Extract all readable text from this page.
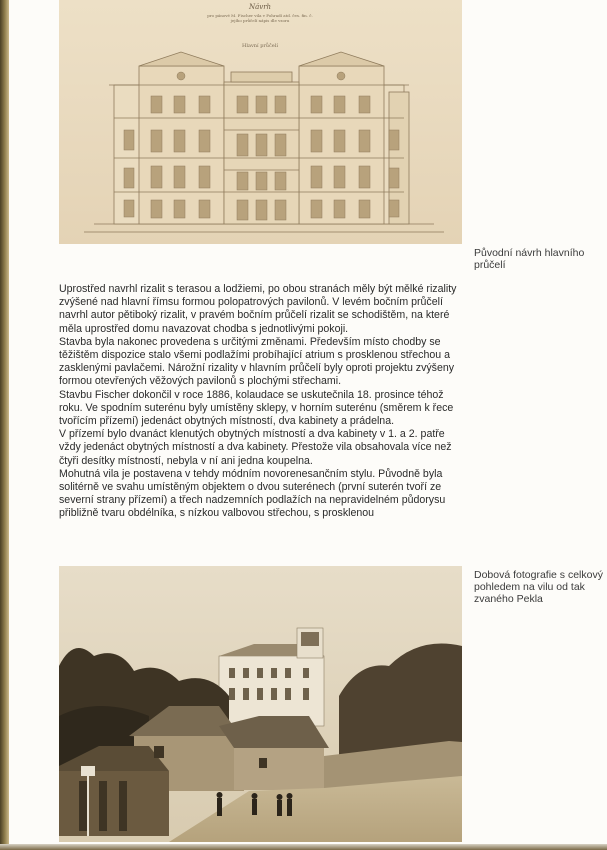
Návrh
pro pánové M. Fischer vila v Pohradí atd. čes. fin. č.
jejího průčelí nápis dle vzoru
Hlavní průčelí
Původní návrh hlavního průčelí

Uprostřed navrhl rizalit s terasou a lodžiemi, po obou stranách měly být mělké rizality zvýšené nad hlavní římsu formou polopatrových pavilonů. V levém bočním průčelí navrhl autor pětiboký rizalit, v pravém bočním průčelí rizalit se schodištěm, na které měla uprostřed domu navazovat chodba s jednotlivými pokoji.

Stavba byla nakonec provedena s určitými změnami. Především místo chodby se těžištěm dispozice stalo všemi podlažími probíhající atrium s prosklenou střechou a zasklenými pavlačemi. Nárožní rizality v hlavním průčelí byly oproti projektu zvýšeny formou otevřených věžových pavilonů s plochými střechami.

Stavbu Fischer dokončil v roce 1886, kolaudace se uskutečnila 18. prosince téhož roku. Ve spodním suterénu byly umístěny sklepy, v horním suterénu (směrem k řece tvořícím přízemí) jedenáct obytných místností, dva kabinety a prádelna.

V přízemí bylo dvanáct klenutých obytných místností a dva kabinety v 1. a 2. patře vždy jedenáct obytných místností a dva kabinety. Přestože vila obsahovala více než čtyři desítky místností, nebyla v ní ani jedna koupelna.

Mohutná vila je postavena v tehdy módním novorenesančním stylu. Původně byla solitérně ve svahu umístěným objektem o dvou suterénech (první suterén tvoří ze severní strany přízemí) a třech nadzemních podlažích na nepravidelném půdorysu přibližně tvaru obdélníka, s nízkou valbovou střechou, s prosklenou

Dobová fotografie s celkový pohledem na vilu od tak zvaného Pekla
